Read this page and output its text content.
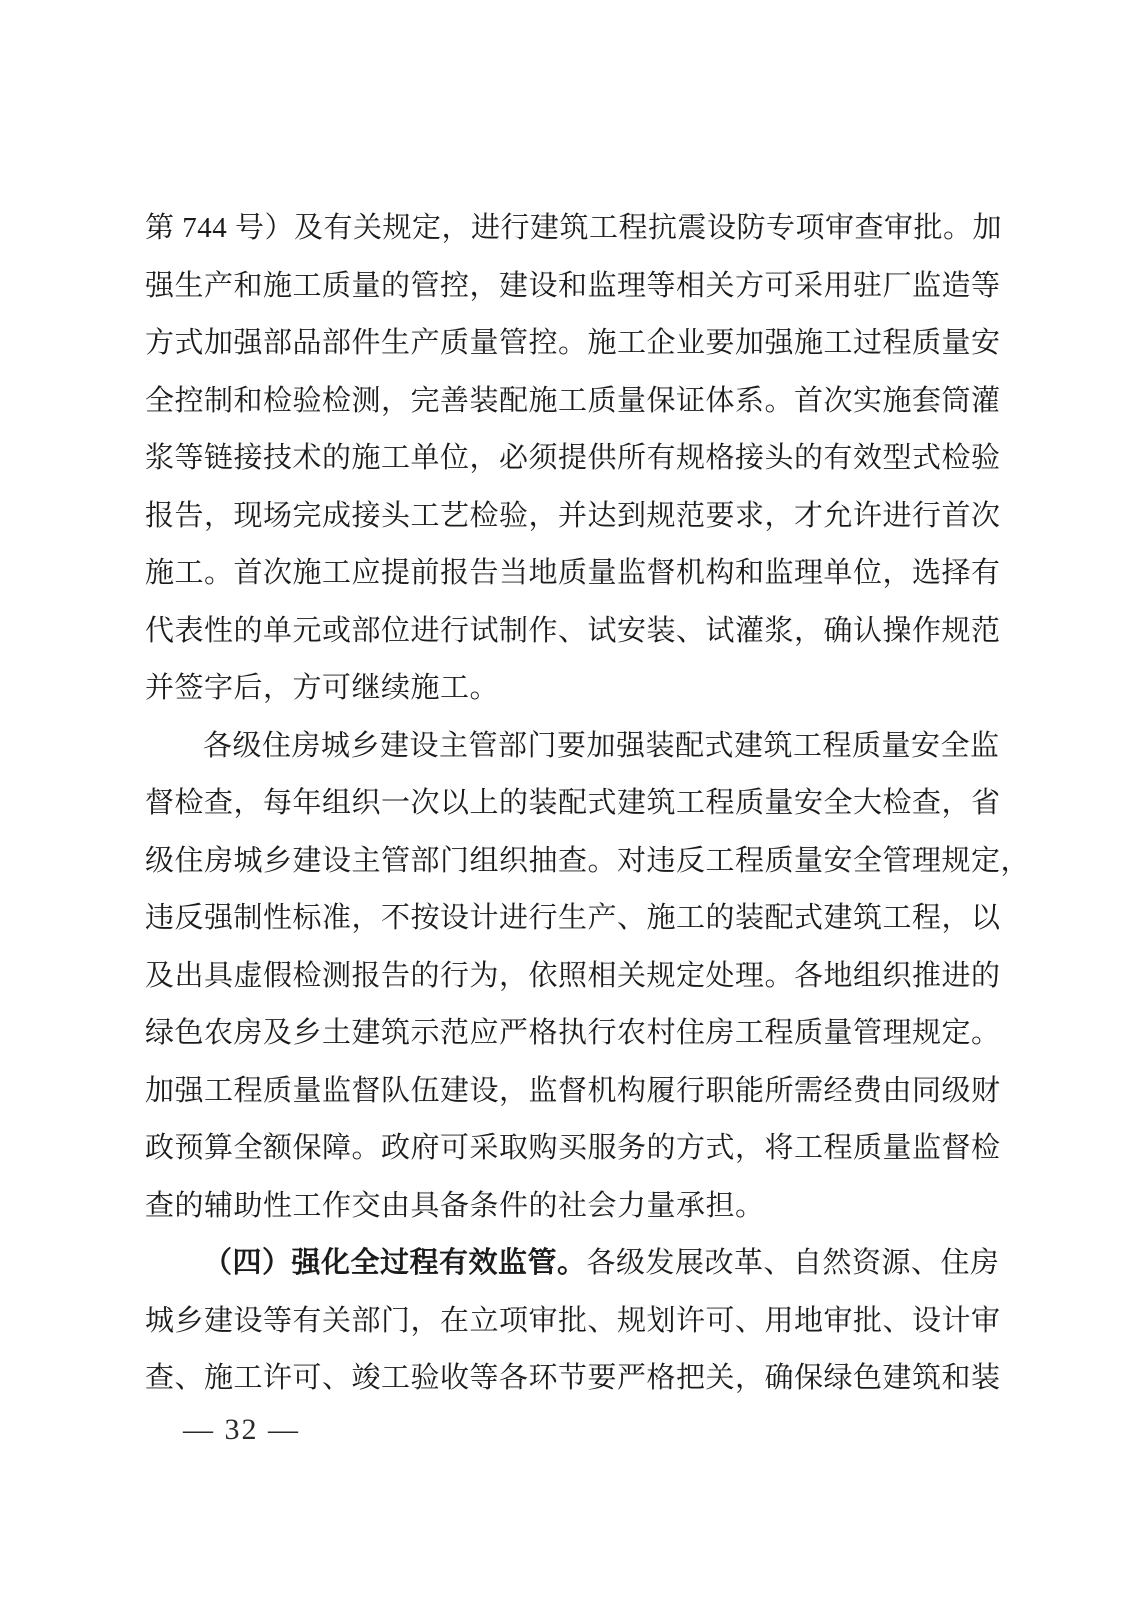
第 744 号）及有关规定，进行建筑工程抗震设防专项审查审批。加
强生产和施工质量的管控，建设和监理等相关方可采用驻厂监造等
方式加强部品部件生产质量管控。施工企业要加强施工过程质量安
全控制和检验检测，完善装配施工质量保证体系。首次实施套筒灌
浆等链接技术的施工单位，必须提供所有规格接头的有效型式检验
报告，现场完成接头工艺检验，并达到规范要求，才允许进行首次
施工。首次施工应提前报告当地质量监督机构和监理单位，选择有
代表性的单元或部位进行试制作、试安装、试灌浆，确认操作规范
并签字后，方可继续施工。
各级住房城乡建设主管部门要加强装配式建筑工程质量安全监
督检查，每年组织一次以上的装配式建筑工程质量安全大检查，省
级住房城乡建设主管部门组织抽查。对违反工程质量安全管理规定，
违反强制性标准，不按设计进行生产、施工的装配式建筑工程，以
及出具虚假检测报告的行为，依照相关规定处理。各地组织推进的
绿色农房及乡土建筑示范应严格执行农村住房工程质量管理规定。
加强工程质量监督队伍建设，监督机构履行职能所需经费由同级财
政预算全额保障。政府可采取购买服务的方式，将工程质量监督检
查的辅助性工作交由具备条件的社会力量承担。
（四）强化全过程有效监管。各级发展改革、自然资源、住房
城乡建设等有关部门，在立项审批、规划许可、用地审批、设计审
查、施工许可、竣工验收等各环节要严格把关，确保绿色建筑和装
— 32 —
